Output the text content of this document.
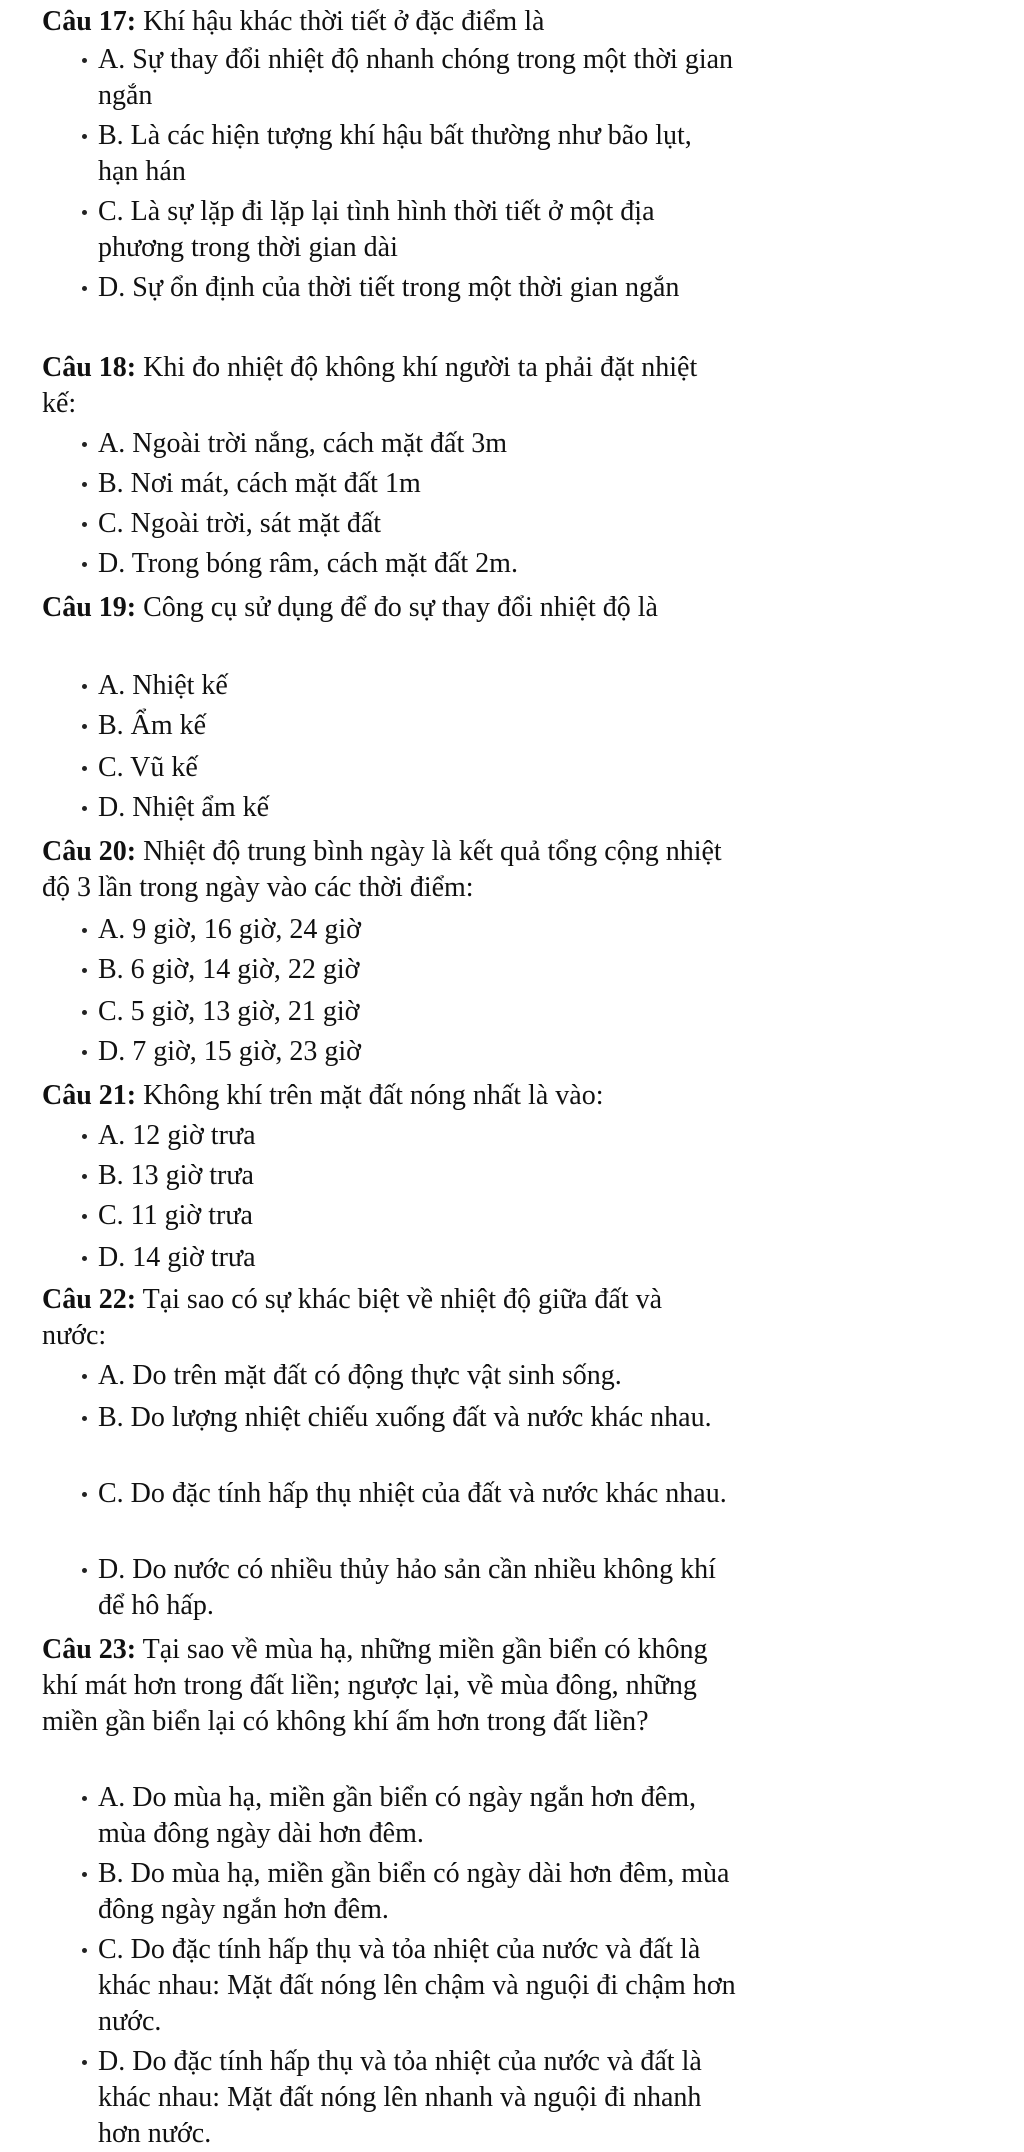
Câu 17: Khí hậu khác thời tiết ở đặc điểm là
A. Sự thay đổi nhiệt độ nhanh chóng trong một thời gian ngắn
B. Là các hiện tượng khí hậu bất thường như bão lụt, hạn hán
C. Là sự lặp đi lặp lại tình hình thời tiết ở một địa phương trong thời gian dài
D. Sự ổn định của thời tiết trong một thời gian ngắn
Câu 18: Khi đo nhiệt độ không khí người ta phải đặt nhiệt kế:
A. Ngoài trời nắng, cách mặt đất 3m
B. Nơi mát, cách mặt đất 1m
C. Ngoài trời, sát mặt đất
D. Trong bóng râm, cách mặt đất 2m.
Câu 19: Công cụ sử dụng để đo sự thay đổi nhiệt độ là
A. Nhiệt kế
B. Ẩm kế
C. Vũ kế
D. Nhiệt ẩm kế
Câu 20: Nhiệt độ trung bình ngày là kết quả tổng cộng nhiệt độ 3 lần trong ngày vào các thời điểm:
A. 9 giờ, 16 giờ, 24 giờ
B. 6 giờ, 14 giờ, 22 giờ
C. 5 giờ, 13 giờ, 21 giờ
D. 7 giờ, 15 giờ, 23 giờ
Câu 21: Không khí trên mặt đất nóng nhất là vào:
A. 12 giờ trưa
B. 13 giờ trưa
C. 11 giờ trưa
D. 14 giờ trưa
Câu 22: Tại sao có sự khác biệt về nhiệt độ giữa đất và nước:
A. Do trên mặt đất có động thực vật sinh sống.
B. Do lượng nhiệt chiếu xuống đất và nước khác nhau.
C. Do đặc tính hấp thụ nhiệt của đất và nước khác nhau.
D. Do nước có nhiều thủy hảo sản cần nhiều không khí để hô hấp.
Câu 23: Tại sao về mùa hạ, những miền gần biển có không khí mát hơn trong đất liền; ngược lại, về mùa đông, những miền gần biển lại có không khí ấm hơn trong đất liền?
A. Do mùa hạ, miền gần biển có ngày ngắn hơn đêm, mùa đông ngày dài hơn đêm.
B. Do mùa hạ, miền gần biển có ngày dài hơn đêm, mùa đông ngày ngắn hơn đêm.
C. Do đặc tính hấp thụ và tỏa nhiệt của nước và đất là khác nhau: Mặt đất nóng lên chậm và nguội đi chậm hơn nước.
D. Do đặc tính hấp thụ và tỏa nhiệt của nước và đất là khác nhau: Mặt đất nóng lên nhanh và nguội đi nhanh hơn nước.
